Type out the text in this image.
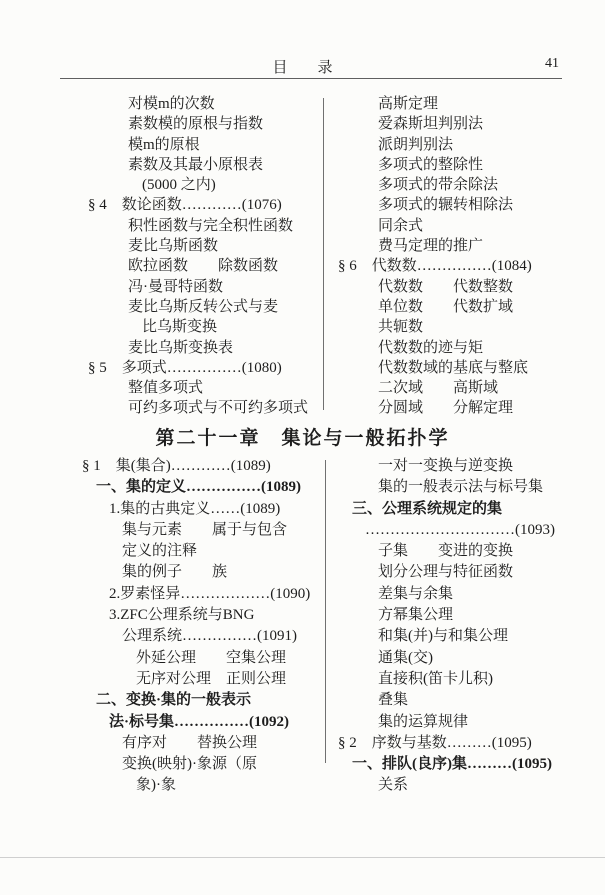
目　　录	41
对模m的次数
素数模的原根与指数
模m的原根
素数及其最小原根表
(5000 之内)
§ 4　数论函数…………(1076)
积性函数与完全积性函数
麦比乌斯函数
欧拉函数　　除数函数
冯·曼哥特函数
麦比乌斯反转公式与麦
比乌斯变换
麦比乌斯变换表
§ 5　多项式……………(1080)
整值多项式
可约多项式与不可约多项式
高斯定理
爱森斯坦判别法
派朗判别法
多项式的整除性
多项式的带余除法
多项式的辗转相除法
同余式
费马定理的推广
§ 6　代数数……………(1084)
代数数　　代数整数
单位数　　代数扩域
共轭数
代数数的迹与矩
代数数域的基底与整底
二次域　　高斯域
分圆域　　分解定理
第二十一章　集论与一般拓扑学
§ 1　集(集合)…………(1089)
一、集的定义……………(1089)
1.集的古典定义……(1089)
集与元素　　属于与包含
定义的注释
集的例子　　族
2.罗素怪异………………(1090)
3.ZFC公理系统与BNG
公理系统……………(1091)
外延公理　　空集公理
无序对公理　正则公理
二、变换·集的一般表示
法·标号集……………(1092)
有序对　　替换公理
变换(映射)·象源（原
象)·象
一对一变换与逆变换
集的一般表示法与标号集
三、公理系统规定的集
…………………………(1093)
子集　　变进的变换
划分公理与特征函数
差集与余集
方幂集公理
和集(并)与和集公理
通集(交)
直接积(笛卡儿积)
叠集
集的运算规律
§ 2　序数与基数………(1095)
一、排队(良序)集………(1095)
关系
